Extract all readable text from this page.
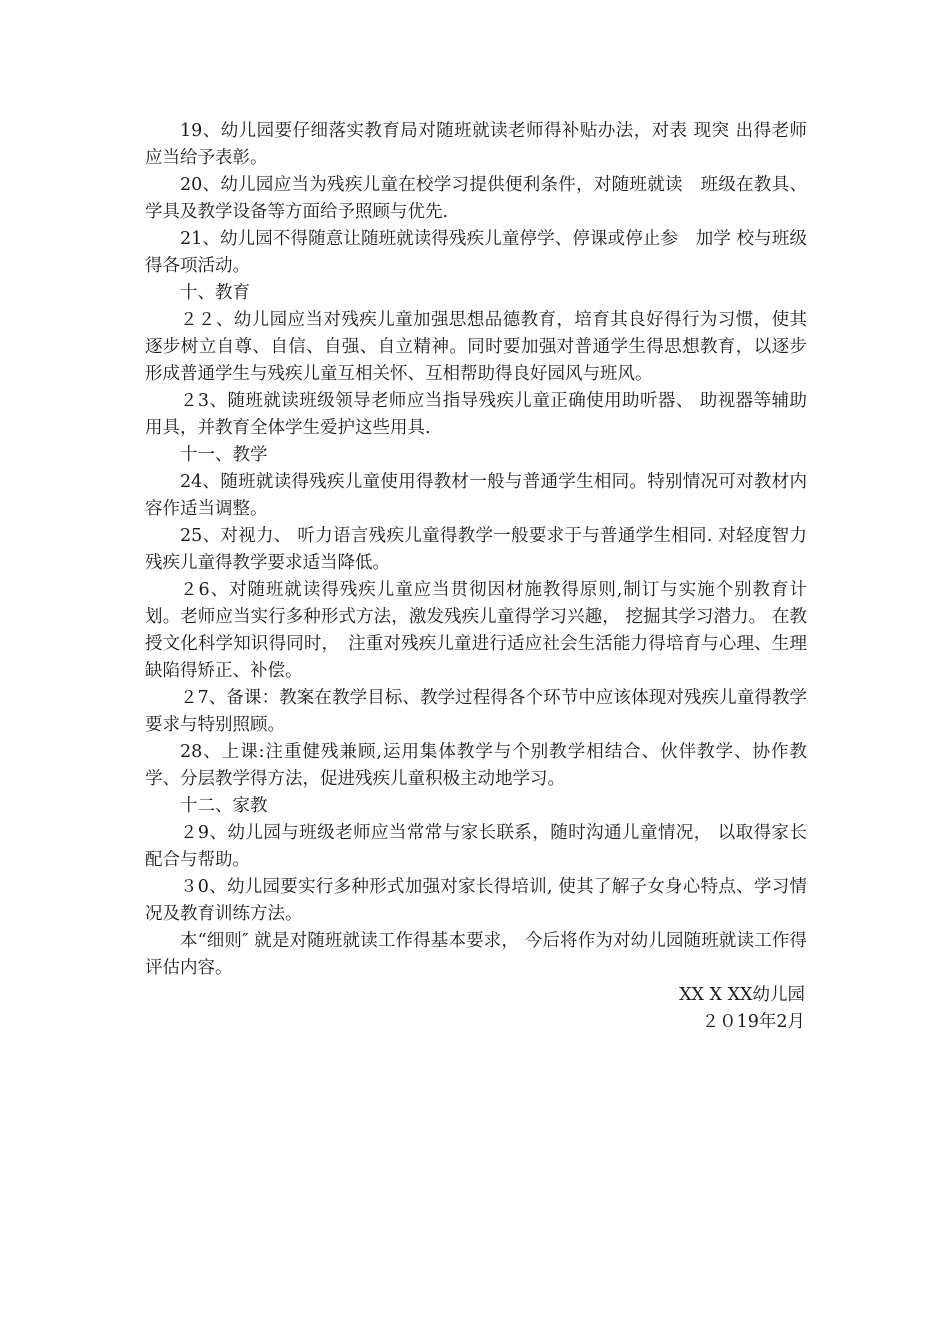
19、幼儿园要仔细落实教育局对随班就读老师得补贴办法，对表 现突 出得老师应当给予表彰。

20、幼儿园应当为残疾儿童在校学习提供便利条件，对随班就读　班级在教具、学具及教学设备等方面给予照顾与优先.

21、幼儿园不得随意让随班就读得残疾儿童停学、停课或停止参　加学 校与班级得各项活动。

十、教育

２２、幼儿园应当对残疾儿童加强思想品德教育，培育其良好得行为习惯，使其逐步树立自尊、自信、自强、自立精神。同时要加强对普通学生得思想教育，以逐步形成普通学生与残疾儿童互相关怀、互相帮助得良好园风与班风。

２3、随班就读班级领导老师应当指导残疾儿童正确使用助听器、 助视器等辅助用具，并教育全体学生爱护这些用具.

十一、教学

24、随班就读得残疾儿童使用得教材一般与普通学生相同。特别情况可对教材内容作适当调整。

25、对视力、 听力语言残疾儿童得教学一般要求于与普通学生相同. 对轻度智力残疾儿童得教学要求适当降低。

２6、对随班就读得残疾儿童应当贯彻因材施教得原则,制订与实施个别教育计划。老师应当实行多种形式方法，激发残疾儿童得学习兴趣， 挖掘其学习潜力。 在教授文化科学知识得同时，　注重对残疾儿童进行适应社会生活能力得培育与心理、生理缺陷得矫正、补偿。

２7、备课：教案在教学目标、教学过程得各个环节中应该体现对残疾儿童得教学要求与特别照顾。

28、上课:注重健残兼顾,运用集体教学与个别教学相结合、伙伴教学、协作教学、分层教学得方法，促进残疾儿童积极主动地学习。

十二、家教

２9、幼儿园与班级老师应当常常与家长联系，随时沟通儿童情况， 以取得家长配合与帮助。

３0、幼儿园要实行多种形式加强对家长得培训, 使其了解子女身心特点、学习情况及教育训练方法。

本“细则″ 就是对随班就读工作得基本要求， 今后将作为对幼儿园随班就读工作得评估内容。

XX X XX幼儿园

２０19年2月
